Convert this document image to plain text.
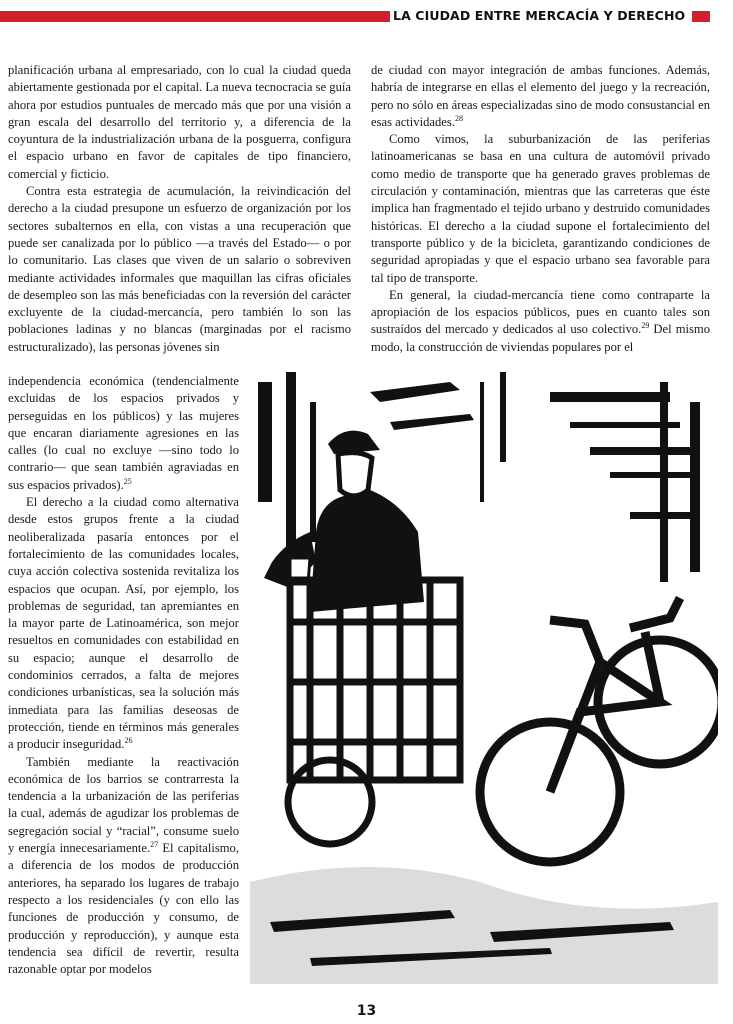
LA CIUDAD ENTRE MERCACÍA Y DERECHO

planificación urbana al empresariado, con lo cual la ciudad queda abiertamente gestionada por el capital. La nueva tecnocracia se guía ahora por estudios puntuales de mercado más que por una visión a gran escala del desarrollo del territorio y, a diferencia de la coyuntura de la industrialización urbana de la posguerra, configura el espacio urbano en favor de capitales de tipo financiero, comercial y ficticio.

Contra esta estrategia de acumulación, la reivindicación del derecho a la ciudad presupone un esfuerzo de organización por los sectores subalternos en ella, con vistas a una recuperación que puede ser canalizada por lo público —a través del Estado— o por lo comunitario. Las clases que viven de un salario o sobreviven mediante actividades informales que maquillan las cifras oficiales de desempleo son las más beneficiadas con la reversión del carácter excluyente de la ciudad-mercancía, pero también lo son las poblaciones ladinas y no blancas (marginadas por el racismo estructuralizado), las personas jóvenes sin

independencia económica (tendencialmente excluidas de los espacios privados y perseguidas en los públicos) y las mujeres que encaran diariamente agresiones en las calles (lo cual no excluye —sino todo lo contrario— que sean también agraviadas en sus espacios privados).$^{25}$

El derecho a la ciudad como alternativa desde estos grupos frente a la ciudad neoliberalizada pasaría entonces por el fortalecimiento de las comunidades locales, cuya acción colectiva sostenida revitaliza los espacios que ocupan. Así, por ejemplo, los problemas de seguridad, tan apremiantes en la mayor parte de Latinoamérica, son mejor resueltos en comunidades con estabilidad en su espacio; aunque el desarrollo de condominios cerrados, a falta de mejores condiciones urbanísticas, sea la solución más inmediata para las familias deseosas de protección, tiende en términos más generales a producir inseguridad.$^{26}$

También mediante la reactivación económica de los barrios se contrarresta la tendencia a la urbanización de las periferias la cual, además de agudizar los problemas de segregación social y “racial”, consume suelo y energía innecesariamente.$^{27}$ El capitalismo, a diferencia de los modos de producción anteriores, ha separado los lugares de trabajo respecto a los residenciales (y con ello las funciones de producción y consumo, de producción y reproducción), y aunque esta tendencia sea difícil de revertir, resulta razonable optar por modelos

de ciudad con mayor integración de ambas funciones. Además, habría de integrarse en ellas el elemento del juego y la recreación, pero no sólo en áreas especializadas sino de modo consustancial en esas actividades.$^{28}$

Como vimos, la suburbanización de las periferias latinoamericanas se basa en una cultura de automóvil privado como medio de transporte que ha generado graves problemas de circulación y contaminación, mientras que las carreteras que éste implica han fragmentado el tejido urbano y destruido comunidades históricas. El derecho a la ciudad supone el fortalecimiento del transporte público y de la bicicleta, garantizando condiciones de seguridad apropiadas y que el espacio urbano sea favorable para tal tipo de transporte.

En general, la ciudad-mercancía tiene como contraparte la apropiación de los espacios públicos, pues en cuanto tales son sustraídos del mercado y dedicados al uso colectivo.$^{29}$ Del mismo modo, la construcción de viviendas populares por el

13
